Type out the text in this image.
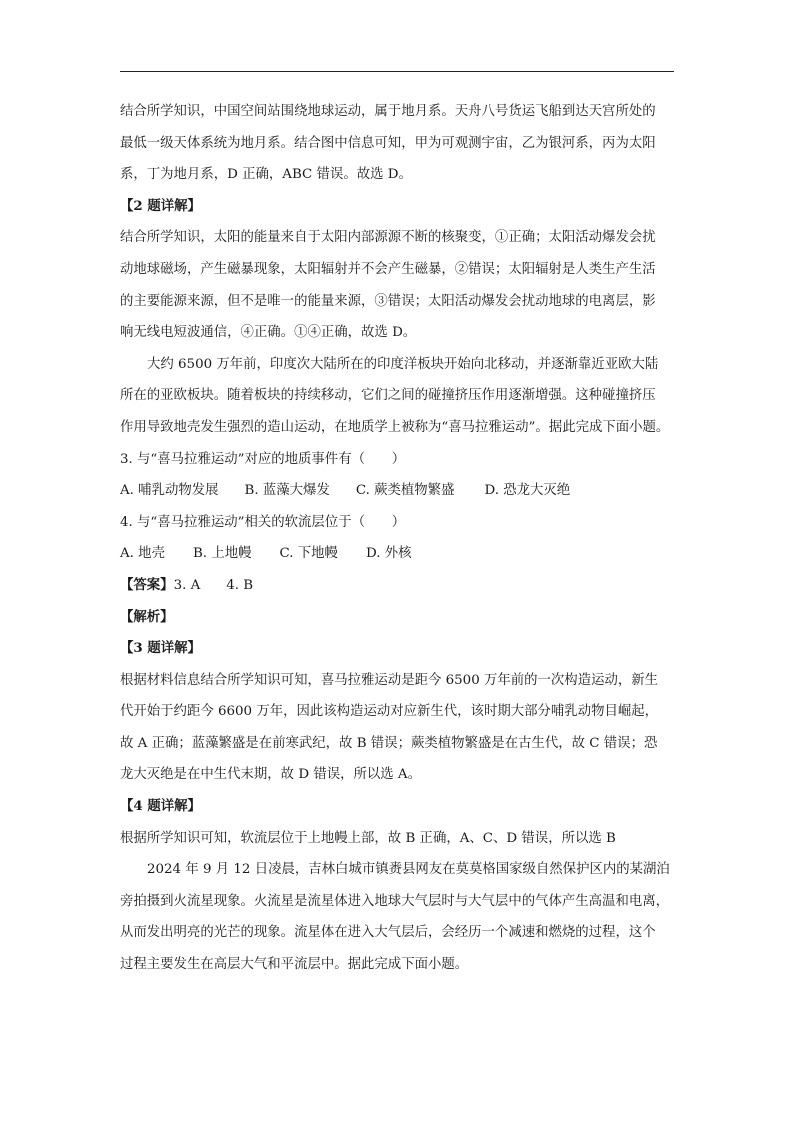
结合所学知识，中国空间站围绕地球运动，属于地月系。天舟八号货运飞船到达天宫所处的
最低一级天体系统为地月系。结合图中信息可知，甲为可观测宇宙，乙为银河系，丙为太阳
系，丁为地月系，D 正确，ABC 错误。故选 D。
【2 题详解】
结合所学知识，太阳的能量来自于太阳内部源源不断的核聚变，①正确；太阳活动爆发会扰
动地球磁场，产生磁暴现象，太阳辐射并不会产生磁暴，②错误；太阳辐射是人类生产生活
的主要能源来源，但不是唯一的能量来源，③错误；太阳活动爆发会扰动地球的电离层，影
响无线电短波通信，④正确。①④正确，故选 D。
大约 6500 万年前，印度次大陆所在的印度洋板块开始向北移动，并逐渐靠近亚欧大陆
所在的亚欧板块。随着板块的持续移动，它们之间的碰撞挤压作用逐渐增强。这种碰撞挤压
作用导致地壳发生强烈的造山运动，在地质学上被称为“喜马拉雅运动”。据此完成下面小题。
3. 与“喜马拉雅运动”对应的地质事件有（　　）
A. 哺乳动物发展 B. 蓝藻大爆发 C. 蕨类植物繁盛 D. 恐龙大灭绝
4. 与“喜马拉雅运动”相关的软流层位于（　　）
A. 地壳 B. 上地幔 C. 下地幔 D. 外核
【答案】3. A 4. B
【解析】
【3 题详解】
根据材料信息结合所学知识可知，喜马拉雅运动是距今 6500 万年前的一次构造运动，新生
代开始于约距今 6600 万年，因此该构造运动对应新生代，该时期大部分哺乳动物目崛起，
故 A 正确；蓝藻繁盛是在前寒武纪，故 B 错误；蕨类植物繁盛是在古生代，故 C 错误；恐
龙大灭绝是在中生代末期，故 D 错误，所以选 A。
【4 题详解】
根据所学知识可知，软流层位于上地幔上部，故 B 正确，A、C、D 错误，所以选 B
2024 年 9 月 12 日凌晨，吉林白城市镇赉县网友在莫莫格国家级自然保护区内的某湖泊
旁拍摄到火流星现象。火流星是流星体进入地球大气层时与大气层中的气体产生高温和电离，
从而发出明亮的光芒的现象。流星体在进入大气层后，会经历一个减速和燃烧的过程，这个
过程主要发生在高层大气和平流层中。据此完成下面小题。
